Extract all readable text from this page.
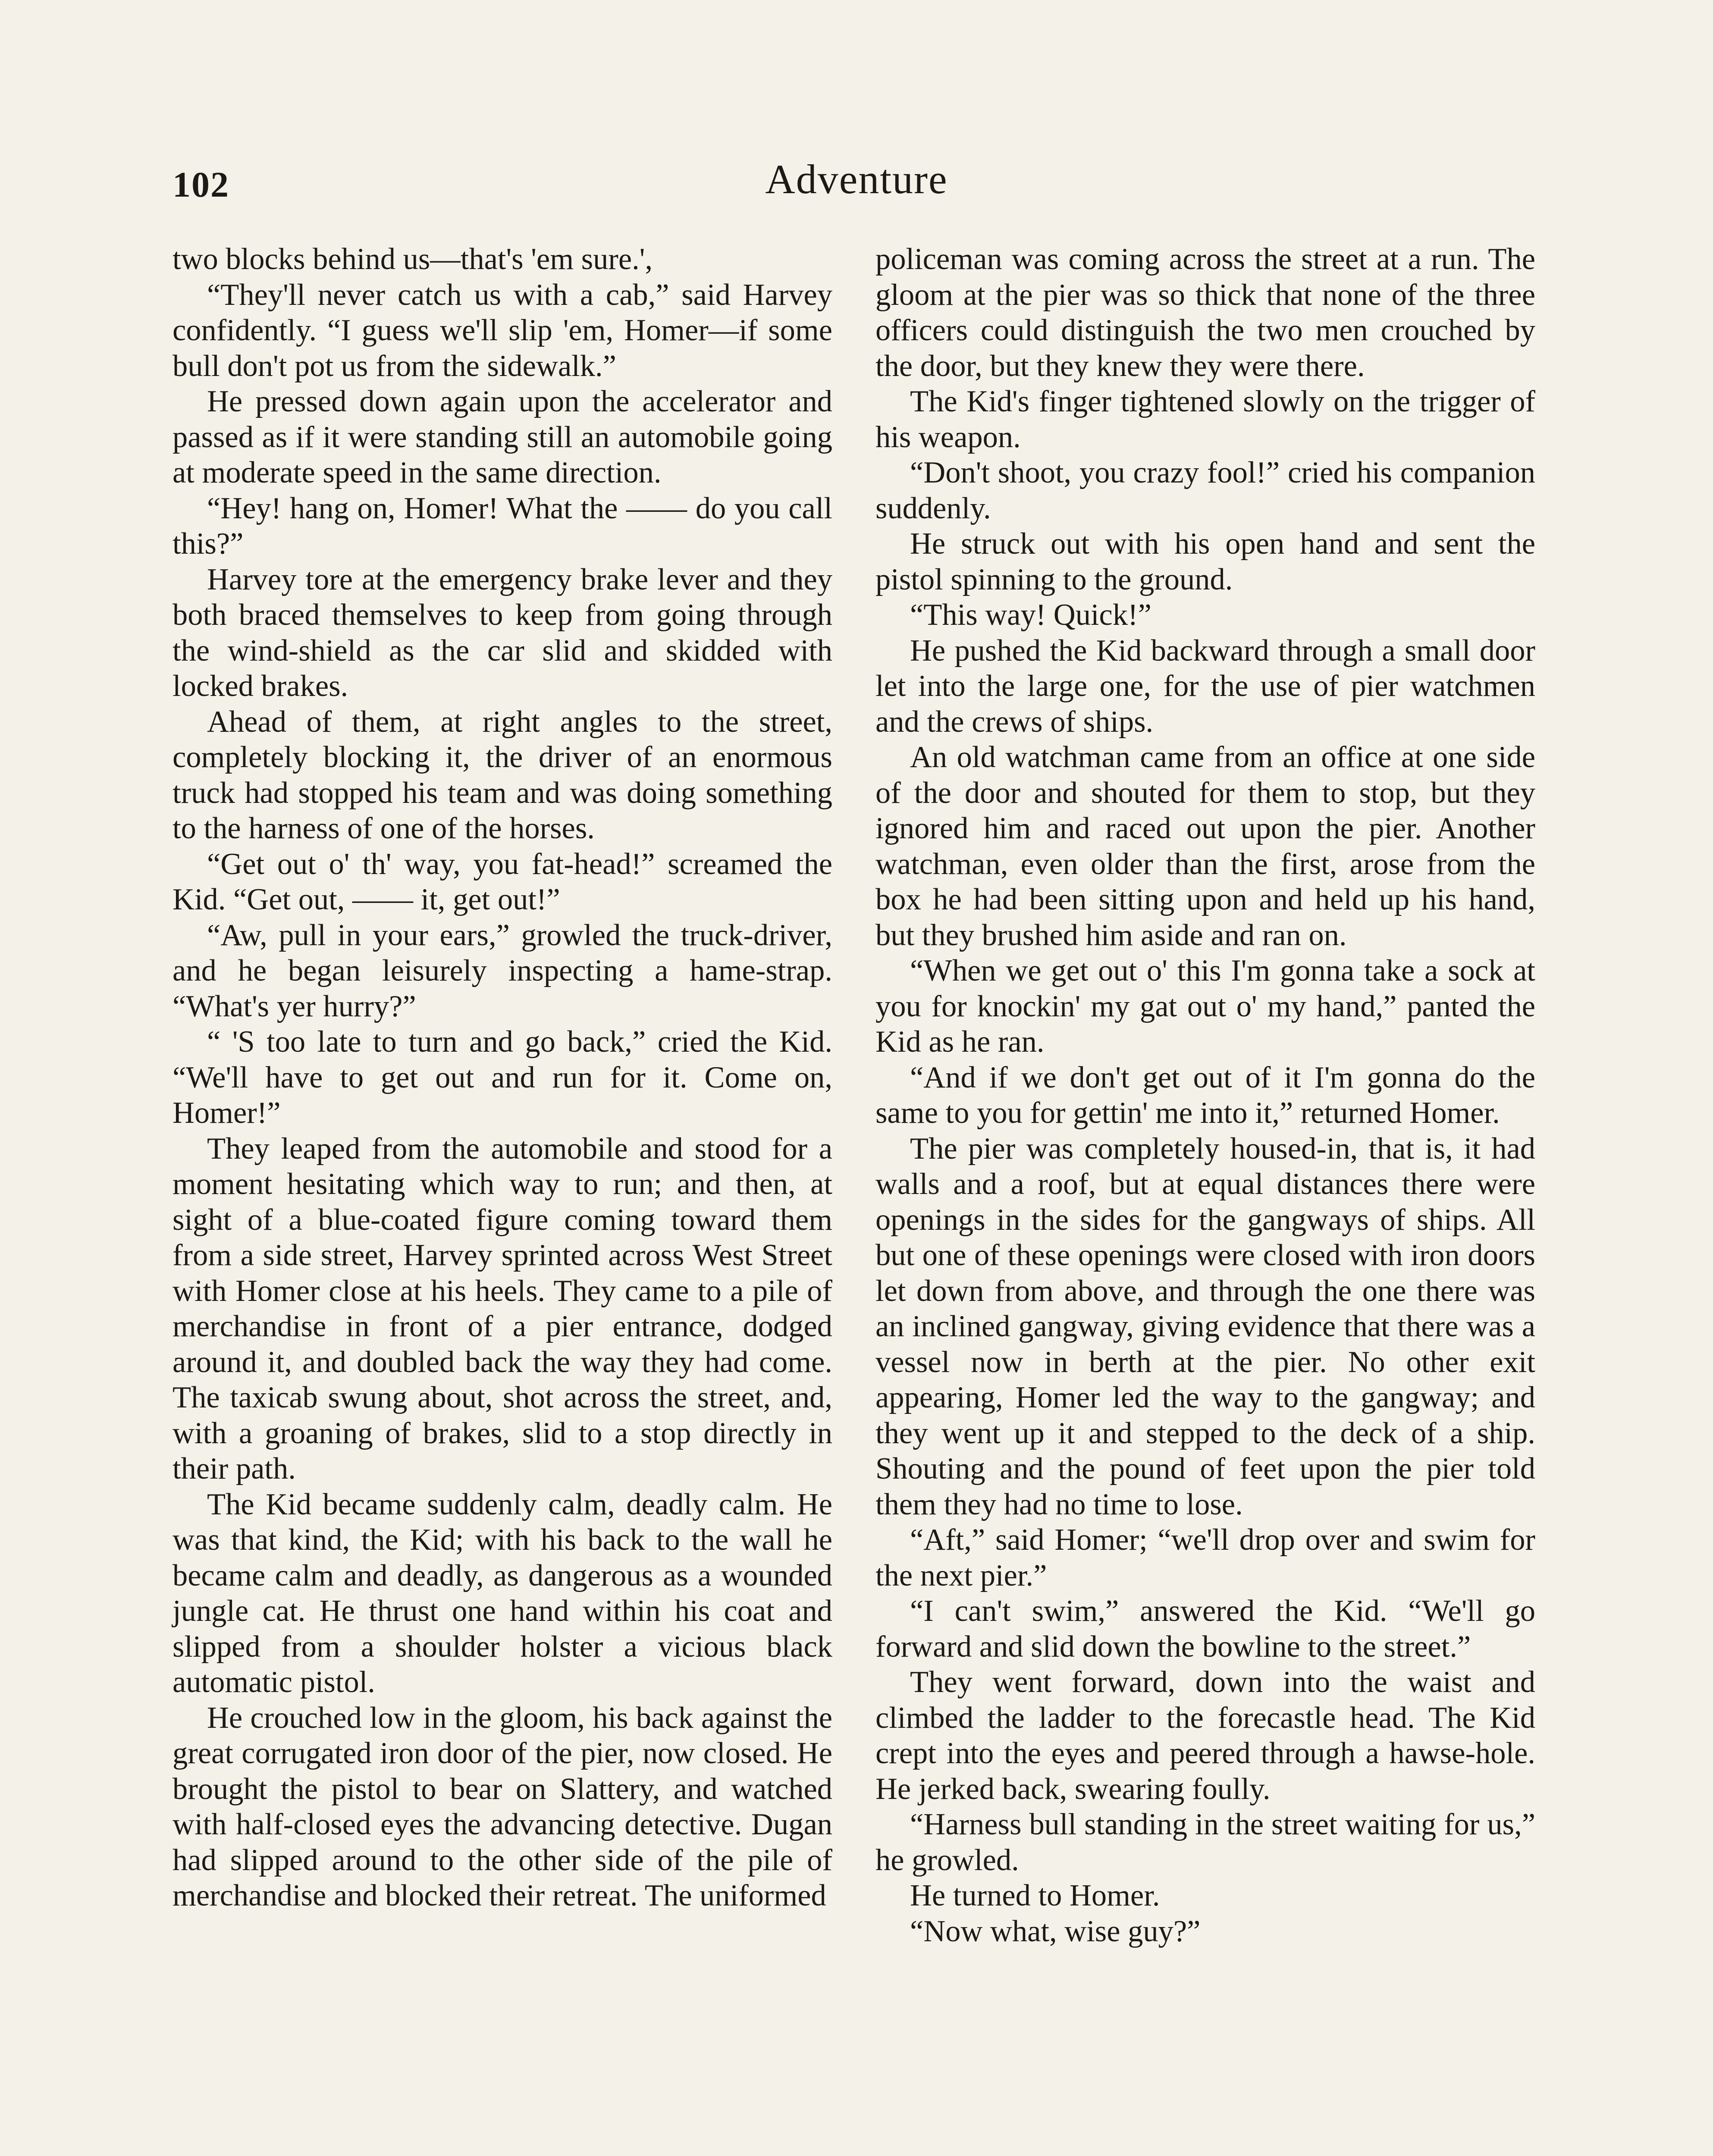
102	Adventure

two blocks behind us—that's 'em sure.',

“They'll never catch us with a cab,” said Harvey confidently. “I guess we'll slip 'em, Homer—if some bull don't pot us from the sidewalk.”

He pressed down again upon the accelerator and passed as if it were standing still an automobile going at moderate speed in the same direction.

“Hey! hang on, Homer! What the —— do you call this?”

Harvey tore at the emergency brake lever and they both braced themselves to keep from going through the wind-shield as the car slid and skidded with locked brakes.

Ahead of them, at right angles to the street, completely blocking it, the driver of an enormous truck had stopped his team and was doing something to the harness of one of the horses.

“Get out o' th' way, you fat-head!” screamed the Kid. “Get out, —— it, get out!”

“Aw, pull in your ears,” growled the truck-driver, and he began leisurely inspecting a hame-strap. “What's yer hurry?”

“ 'S too late to turn and go back,” cried the Kid. “We'll have to get out and run for it. Come on, Homer!”

They leaped from the automobile and stood for a moment hesitating which way to run; and then, at sight of a blue-coated figure coming toward them from a side street, Harvey sprinted across West Street with Homer close at his heels. They came to a pile of merchandise in front of a pier entrance, dodged around it, and doubled back the way they had come. The taxicab swung about, shot across the street, and, with a groaning of brakes, slid to a stop directly in their path.

The Kid became suddenly calm, deadly calm. He was that kind, the Kid; with his back to the wall he became calm and deadly, as dangerous as a wounded jungle cat. He thrust one hand within his coat and slipped from a shoulder holster a vicious black automatic pistol.

He crouched low in the gloom, his back against the great corrugated iron door of the pier, now closed. He brought the pistol to bear on Slattery, and watched with half-closed eyes the advancing detective. Dugan had slipped around to the other side of the pile of merchandise and blocked their retreat. The uniformed

policeman was coming across the street at a run. The gloom at the pier was so thick that none of the three officers could distinguish the two men crouched by the door, but they knew they were there.

The Kid's finger tightened slowly on the trigger of his weapon.

“Don't shoot, you crazy fool!” cried his companion suddenly.

He struck out with his open hand and sent the pistol spinning to the ground.

“This way! Quick!”

He pushed the Kid backward through a small door let into the large one, for the use of pier watchmen and the crews of ships.

An old watchman came from an office at one side of the door and shouted for them to stop, but they ignored him and raced out upon the pier. Another watchman, even older than the first, arose from the box he had been sitting upon and held up his hand, but they brushed him aside and ran on.

“When we get out o' this I'm gonna take a sock at you for knockin' my gat out o' my hand,” panted the Kid as he ran.

“And if we don't get out of it I'm gonna do the same to you for gettin' me into it,” returned Homer.

The pier was completely housed-in, that is, it had walls and a roof, but at equal distances there were openings in the sides for the gangways of ships. All but one of these openings were closed with iron doors let down from above, and through the one there was an inclined gangway, giving evidence that there was a vessel now in berth at the pier. No other exit appearing, Homer led the way to the gangway; and they went up it and stepped to the deck of a ship. Shouting and the pound of feet upon the pier told them they had no time to lose.

“Aft,” said Homer; “we'll drop over and swim for the next pier.”

“I can't swim,” answered the Kid. “We'll go forward and slid down the bowline to the street.”

They went forward, down into the waist and climbed the ladder to the forecastle head. The Kid crept into the eyes and peered through a hawse-hole. He jerked back, swearing foully.

“Harness bull standing in the street waiting for us,” he growled.

He turned to Homer.

“Now what, wise guy?”
